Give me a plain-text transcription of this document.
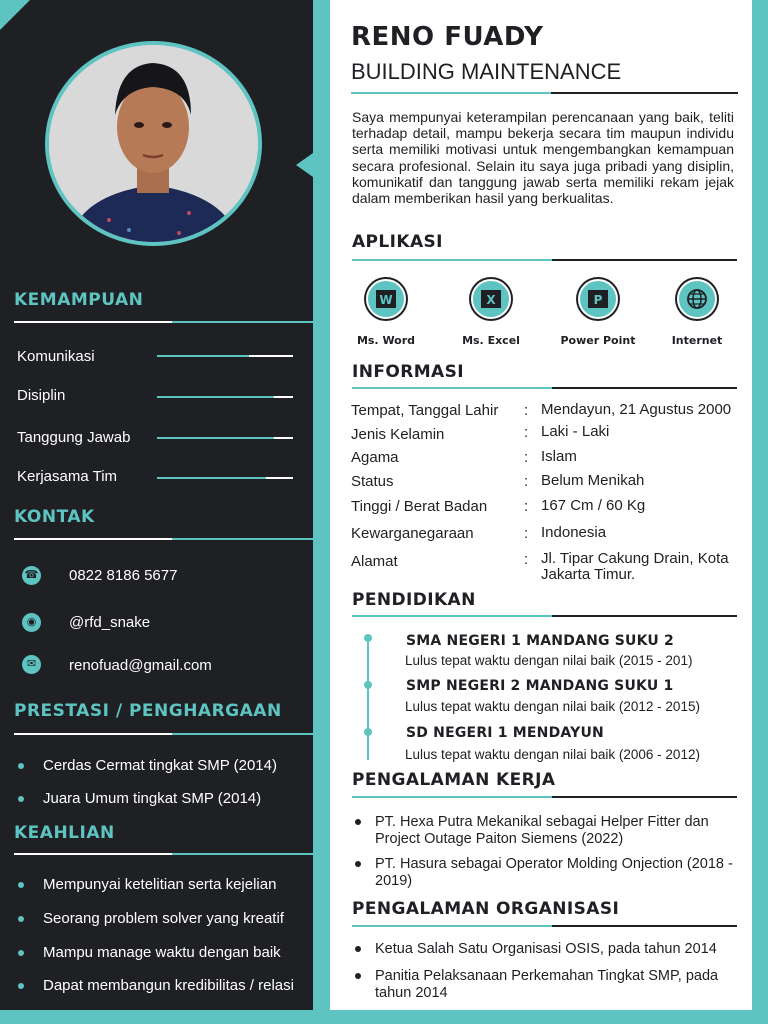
KEMAMPUAN
Komunikasi
Disiplin
Tanggung Jawab
Kerjasama Tim
KONTAK
☎ 0822 8186 5677
◉	@rfd_snake
✉	renofuad@gmail.com
PRESTASI / PENGHARGAAN
Cerdas Cermat tingkat SMP (2014)
Juara Umum tingkat SMP (2014)
KEAHLIAN
Mempunyai ketelitian serta kejelian
Seorang problem solver yang kreatif
Mampu manage waktu dengan baik
Dapat membangun kredibilitas / relasi
RENO FUADY
BUILDING MAINTENANCE
Saya mempunyai keterampilan perencanaan yang baik, teliti terhadap detail, mampu bekerja secara tim maupun individu serta memiliki motivasi untuk mengembangkan kemampuan secara profesional. Selain itu saya juga pribadi yang disiplin, komunikatif dan tanggung jawab serta memiliki rekam jejak dalam memberikan hasil yang berkualitas.
APLIKASI
W
Ms. Word
X
Ms. Excel
P
Power Point	Internet
INFORMASI
Tempat, Tanggal Lahir : Mendayun, 21 Agustus 2000
Jenis Kelamin	: Laki - Laki
Agama	: Islam
Status	: Belum Menikah
Tinggi / Berat Badan : 167 Cm / 60 Kg
Kewarganegaraan	: Indonesia
Alamat	: Jl. Tipar Cakung Drain, Kota Jakarta Timur.
PENDIDIKAN
SMA NEGERI 1 MANDANG SUKU 2
Lulus tepat waktu dengan nilai baik (2015 - 201)
SMP NEGERI 2 MANDANG SUKU 1
Lulus tepat waktu dengan nilai baik (2012 - 2015)
SD NEGERI 1 MENDAYUN
Lulus tepat waktu dengan nilai baik (2006 - 2012)
PENGALAMAN KERJA
PT. Hexa Putra Mekanikal sebagai Helper Fitter dan Project Outage Paiton Siemens (2022)
PT. Hasura sebagai Operator Molding Onjection (2018 - 2019)
PENGALAMAN ORGANISASI
Ketua Salah Satu Organisasi OSIS, pada tahun 2014
Panitia Pelaksanaan Perkemahan Tingkat SMP, pada tahun 2014
